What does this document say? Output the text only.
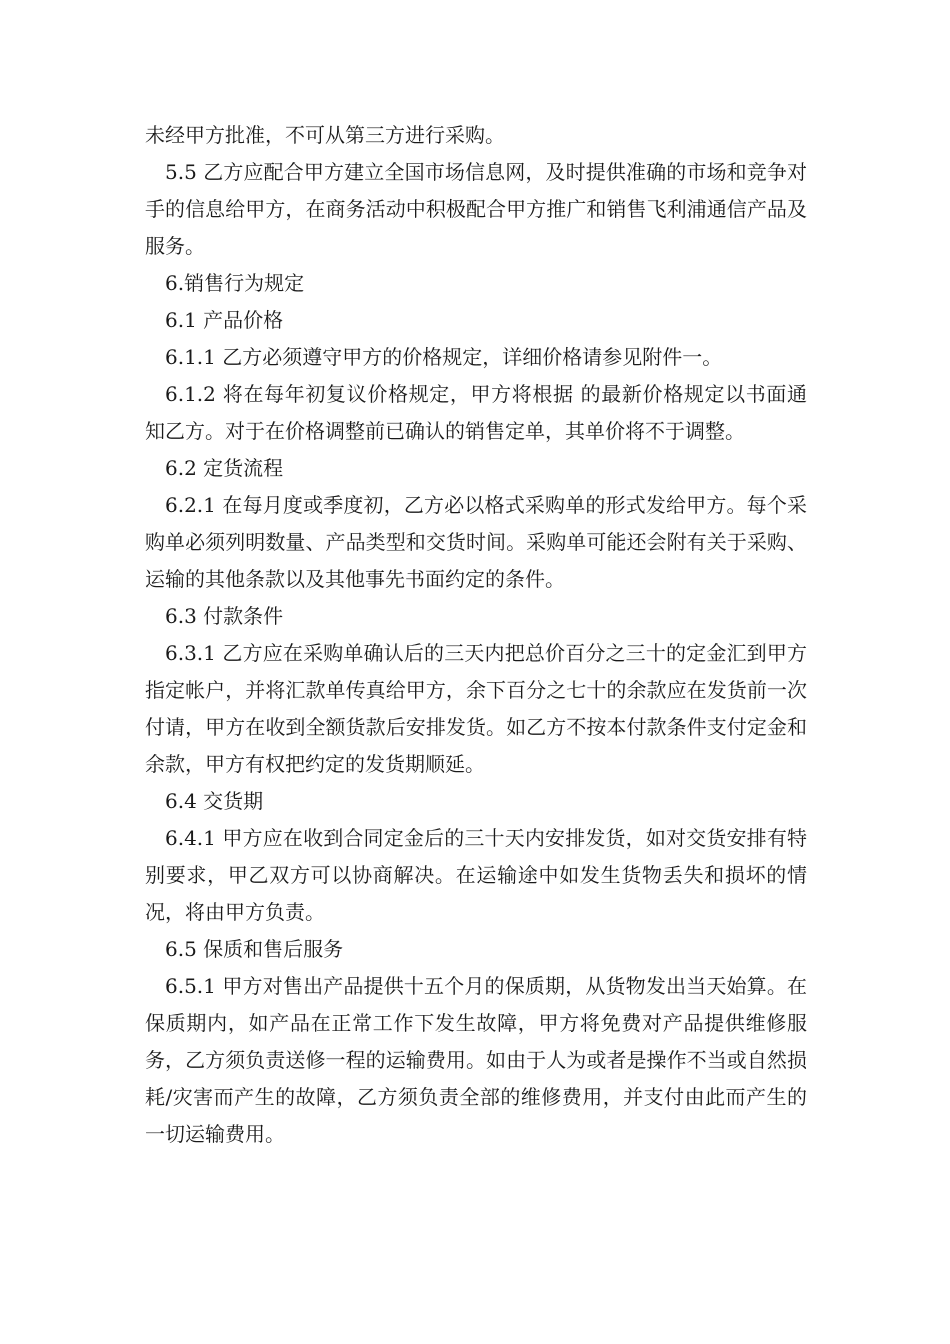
未经甲方批准，不可从第三方进行采购。

5.5 乙方应配合甲方建立全国市场信息网，及时提供准确的市场和竞争对手的信息给甲方，在商务活动中积极配合甲方推广和销售飞利浦通信产品及服务。

6.销售行为规定

6.1 产品价格

6.1.1 乙方必须遵守甲方的价格规定，详细价格请参见附件一。

6.1.2 将在每年初复议价格规定，甲方将根据 的最新价格规定以书面通知乙方。对于在价格调整前已确认的销售定单，其单价将不于调整。

6.2 定货流程

6.2.1 在每月度或季度初，乙方必以格式采购单的形式发给甲方。每个采购单必须列明数量、产品类型和交货时间。采购单可能还会附有关于采购、运输的其他条款以及其他事先书面约定的条件。

6.3 付款条件

6.3.1 乙方应在采购单确认后的三天内把总价百分之三十的定金汇到甲方指定帐户，并将汇款单传真给甲方，余下百分之七十的余款应在发货前一次付请，甲方在收到全额货款后安排发货。如乙方不按本付款条件支付定金和余款，甲方有权把约定的发货期顺延。

6.4 交货期

6.4.1 甲方应在收到合同定金后的三十天内安排发货，如对交货安排有特别要求，甲乙双方可以协商解决。在运输途中如发生货物丢失和损坏的情况，将由甲方负责。

6.5 保质和售后服务

6.5.1 甲方对售出产品提供十五个月的保质期，从货物发出当天始算。在保质期内，如产品在正常工作下发生故障，甲方将免费对产品提供维修服务，乙方须负责送修一程的运输费用。如由于人为或者是操作不当或自然损耗/灾害而产生的故障，乙方须负责全部的维修费用，并支付由此而产生的一切运输费用。
